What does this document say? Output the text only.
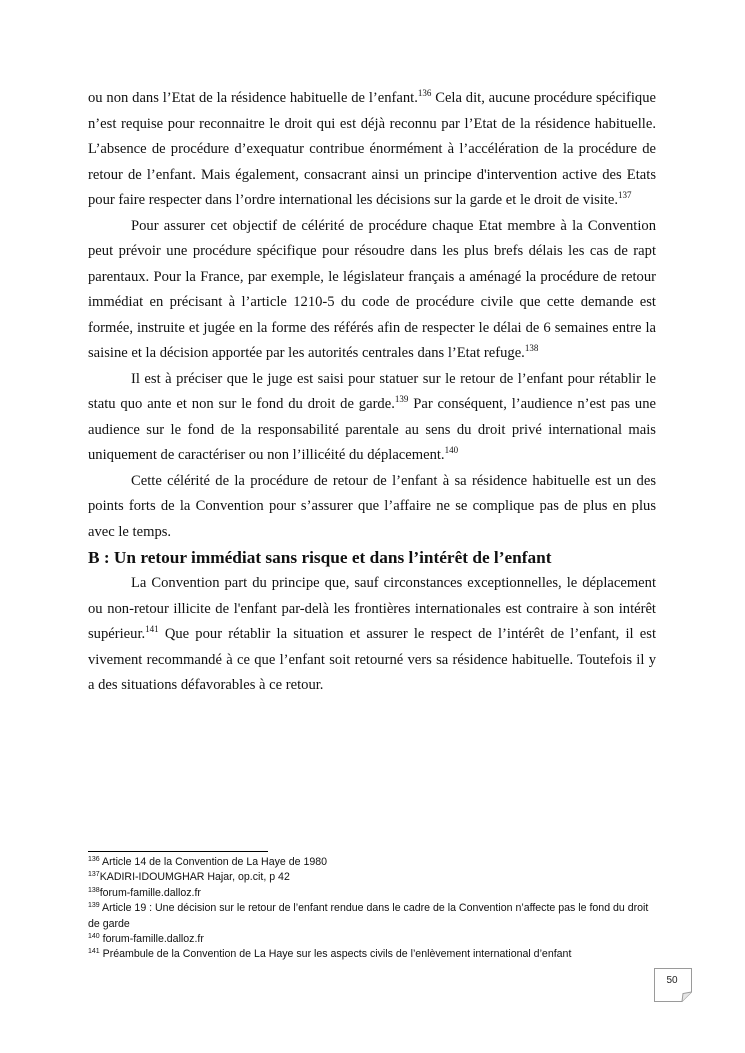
ou non dans l’Etat de la résidence habituelle de l’enfant.$^{136}$ Cela dit, aucune procédure spécifique n’est requise pour reconnaitre le droit qui est déjà reconnu par l’Etat de la résidence habituelle. L’absence de procédure d’exequatur contribue énormément à l’accélération de la procédure de retour de l’enfant. Mais également, consacrant ainsi un principe d'intervention active des Etats pour faire respecter dans l’ordre international les décisions sur la garde et le droit de visite.$^{137}$

Pour assurer cet objectif de célérité de procédure chaque Etat membre à la Convention peut prévoir une procédure spécifique pour résoudre dans les plus brefs délais les cas de rapt parentaux. Pour la France, par exemple, le législateur français a aménagé la procédure de retour immédiat en précisant à l’article 1210-5 du code de procédure civile que cette demande est formée, instruite et jugée en la forme des référés afin de respecter le délai de 6 semaines entre la saisine et la décision apportée par les autorités centrales dans l’Etat refuge.$^{138}$

Il est à préciser que le juge est saisi pour statuer sur le retour de l’enfant pour rétablir le statu quo ante et non sur le fond du droit de garde.$^{139}$ Par conséquent, l’audience n’est pas une audience sur le fond de la responsabilité parentale au sens du droit privé international mais uniquement de caractériser ou non l’illicéité du déplacement.$^{140}$

Cette célérité de la procédure de retour de l’enfant à sa résidence habituelle est un des points forts de la Convention pour s’assurer que l’affaire ne se complique pas de plus en plus avec le temps.

B : Un retour immédiat sans risque et dans l’intérêt de l’enfant

La Convention part du principe que, sauf circonstances exceptionnelles, le déplacement ou non-retour illicite de l'enfant par-delà les frontières internationales est contraire à son intérêt supérieur.$^{141}$ Que pour rétablir la situation et assurer le respect de l’intérêt de l’enfant, il est vivement recommandé à ce que l’enfant soit retourné vers sa résidence habituelle. Toutefois il y a des situations défavorables à ce retour.

$^{136}$ Article 14 de la Convention de La Haye de 1980

$^{137}$KADIRI-IDOUMGHAR Hajar, op.cit, p 42

$^{138}$forum-famille.dalloz.fr

$^{139}$ Article 19 : Une décision sur le retour de l’enfant rendue dans le cadre de la Convention n’affecte pas le fond du droit de garde

$^{140}$ forum-famille.dalloz.fr

$^{141}$ Préambule de la Convention de La Haye sur les aspects civils de l’enlèvement international d’enfant

50
